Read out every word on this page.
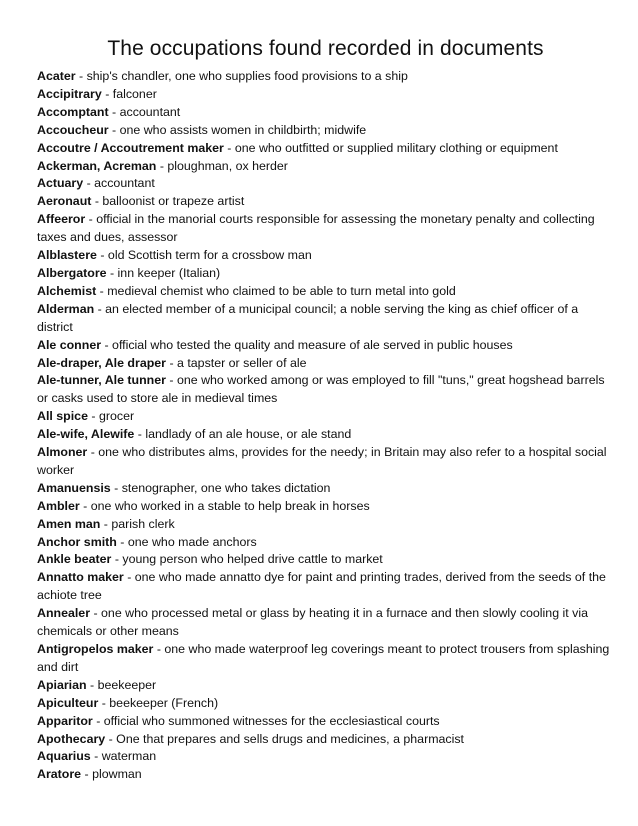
The occupations found recorded in documents
Acater - ship's chandler, one who supplies food provisions to a ship
Accipitrary - falconer
Accomptant - accountant
Accoucheur - one who assists women in childbirth; midwife
Accoutre / Accoutrement maker - one who outfitted or supplied military clothing or equipment
Ackerman, Acreman - ploughman, ox herder
Actuary - accountant
Aeronaut - balloonist or trapeze artist
Affeeror - official in the manorial courts responsible for assessing the monetary penalty and collecting taxes and dues, assessor
Alblastere - old Scottish term for a crossbow man
Albergatore - inn keeper (Italian)
Alchemist - medieval chemist who claimed to be able to turn metal into gold
Alderman - an elected member of a municipal council; a noble serving the king as chief officer of a district
Ale conner - official who tested the quality and measure of ale served in public houses
Ale-draper, Ale draper - a tapster or seller of ale
Ale-tunner, Ale tunner - one who worked among or was employed to fill "tuns," great hogshead barrels or casks used to store ale in medieval times
All spice - grocer
Ale-wife, Alewife - landlady of an ale house, or ale stand
Almoner - one who distributes alms, provides for the needy; in Britain may also refer to a hospital social worker
Amanuensis - stenographer, one who takes dictation
Ambler - one who worked in a stable to help break in horses
Amen man - parish clerk
Anchor smith - one who made anchors
Ankle beater - young person who helped drive cattle to market
Annatto maker - one who made annatto dye for paint and printing trades, derived from the seeds of the achiote tree
Annealer - one who processed metal or glass by heating it in a furnace and then slowly cooling it via chemicals or other means
Antigropelos maker - one who made waterproof leg coverings meant to protect trousers from splashing and dirt
Apiarian - beekeeper
Apiculteur - beekeeper (French)
Apparitor - official who summoned witnesses for the ecclesiastical courts
Apothecary - One that prepares and sells drugs and medicines, a pharmacist
Aquarius - waterman
Aratore - plowman
